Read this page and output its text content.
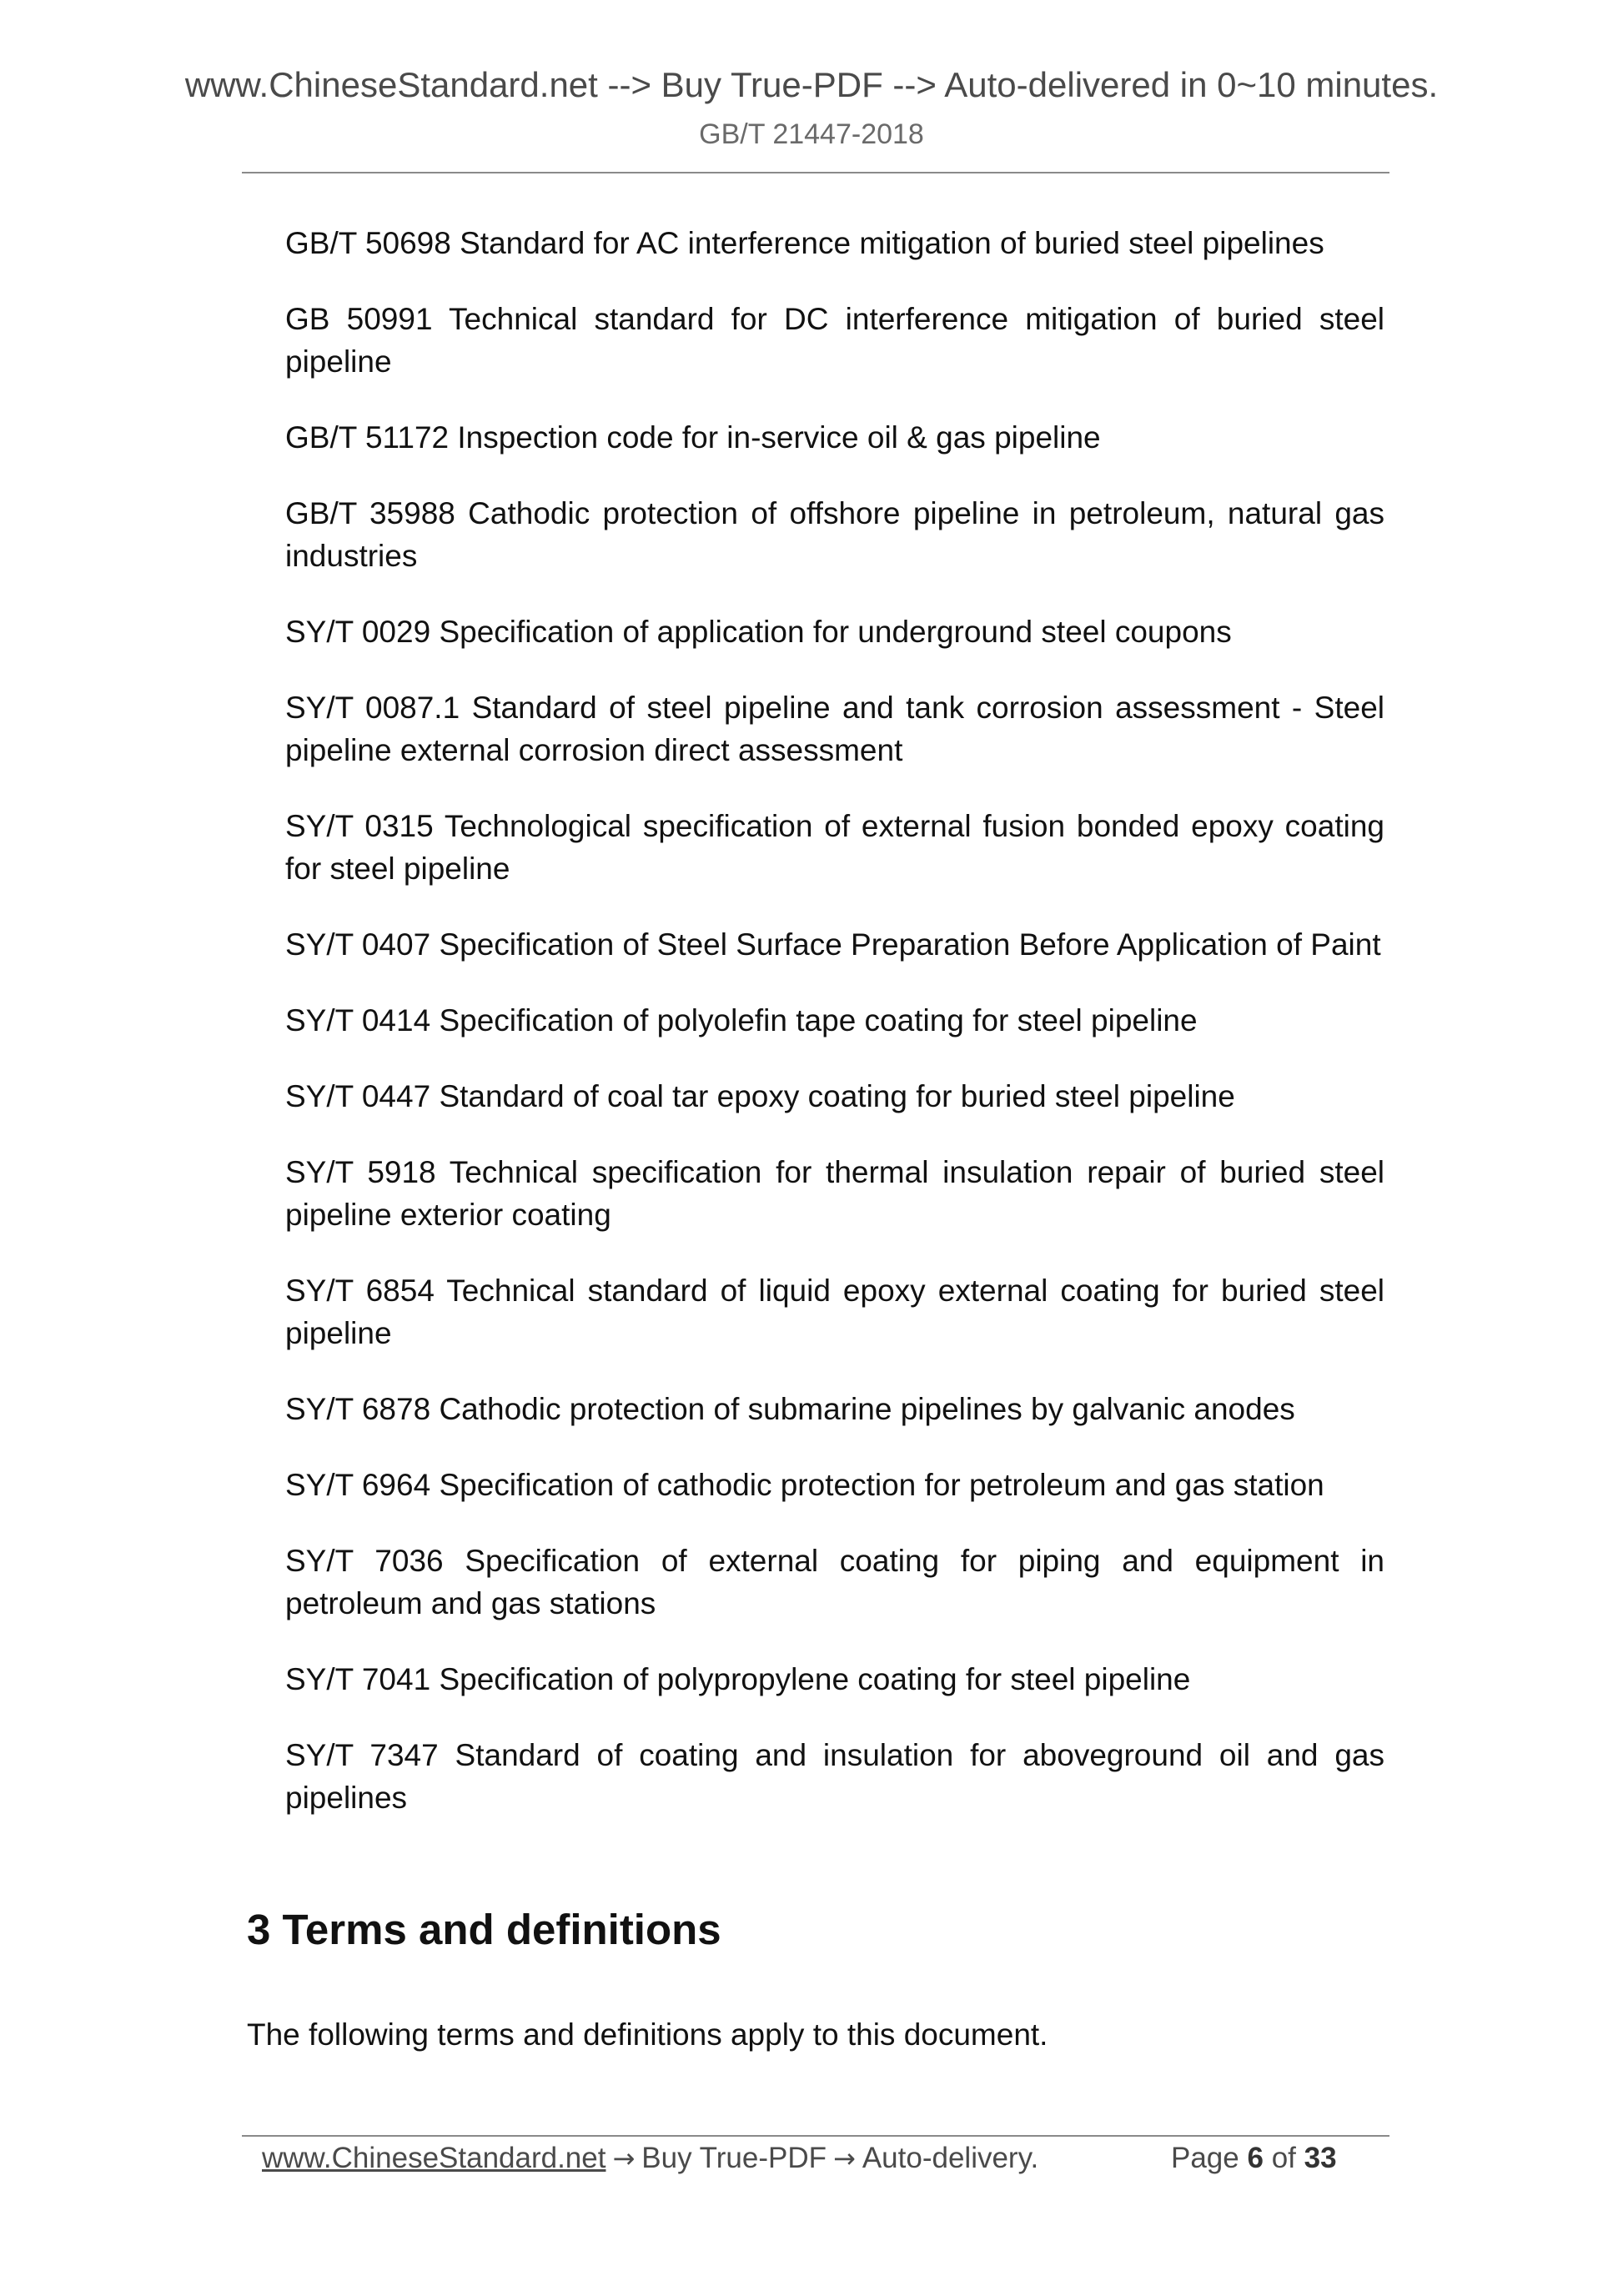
www.ChineseStandard.net --> Buy True-PDF --> Auto-delivered in 0~10 minutes.
GB/T 21447-2018

GB/T 50698 Standard for AC interference mitigation of buried steel pipelines

GB 50991 Technical standard for DC interference mitigation of buried steel pipeline

GB/T 51172 Inspection code for in-service oil & gas pipeline

GB/T 35988 Cathodic protection of offshore pipeline in petroleum, natural gas industries

SY/T 0029 Specification of application for underground steel coupons

SY/T 0087.1 Standard of steel pipeline and tank corrosion assessment - Steel pipeline external corrosion direct assessment

SY/T 0315 Technological specification of external fusion bonded epoxy coating for steel pipeline

SY/T 0407 Specification of Steel Surface Preparation Before Application of Paint

SY/T 0414 Specification of polyolefin tape coating for steel pipeline

SY/T 0447 Standard of coal tar epoxy coating for buried steel pipeline

SY/T 5918 Technical specification for thermal insulation repair of buried steel pipeline exterior coating

SY/T 6854 Technical standard of liquid epoxy external coating for buried steel pipeline

SY/T 6878 Cathodic protection of submarine pipelines by galvanic anodes

SY/T 6964 Specification of cathodic protection for petroleum and gas station

SY/T 7036 Specification of external coating for piping and equipment in petroleum and gas stations

SY/T 7041 Specification of polypropylene coating for steel pipeline

SY/T 7347 Standard of coating and insulation for aboveground oil and gas pipelines

3 Terms and definitions
The following terms and definitions apply to this document.
www.ChineseStandard.net → Buy True-PDF → Auto-delivery.	Page 6 of 33
